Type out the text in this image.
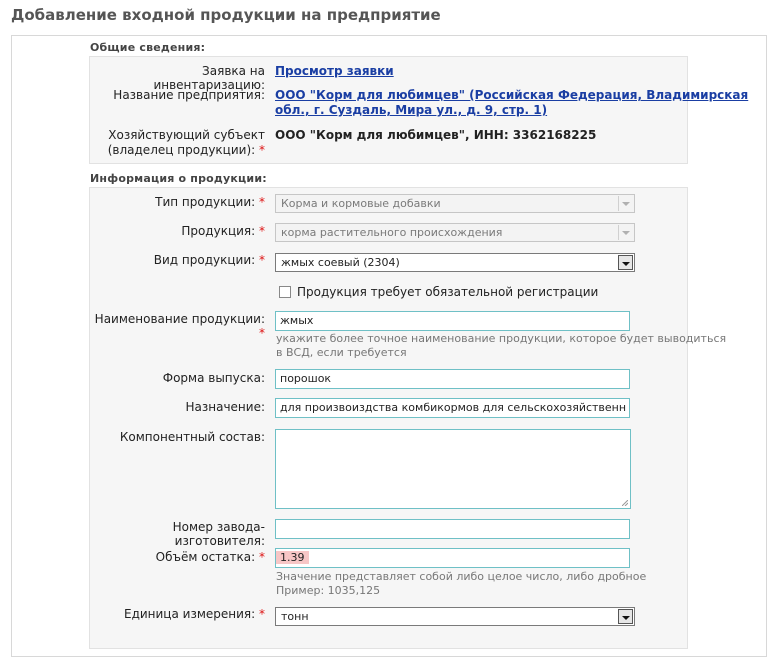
Добавление входной продукции на предприятие
Общие сведения:
Заявка на инвентаризацию:
Просмотр заявки
Название предприятия: ООО "Корм для любимцев" (Российская Федерация, Владимирская
обл., г. Суздаль, Мира ул., д. 9, стр. 1)
Хозяйствующий субъект
(владелец продукции): *
ООО "Корм для любимцев", ИНН: 3362168225
Информация о продукции:
Тип продукции: * Корма и кормовые добавки
Продукция: * корма растительного происхождения
Вид продукции: * жмых соевый (2304)
Продукция требует обязательной регистрации
Наименование продукции: *
жмых
укажите более точное наименование продукции, которое будет выводиться
в ВСД, если требуется
Форма выпуска:	порошок
Назначение:	для произвоиздства комбикормов для сельскохозяйственн
Компонентный состав:
Номер завода-изготовителя:
Объём остатка: *	1.39
Значение представляет собой либо целое число, либо дробное
Пример: 1035,125
Единица измерения: * тонн
